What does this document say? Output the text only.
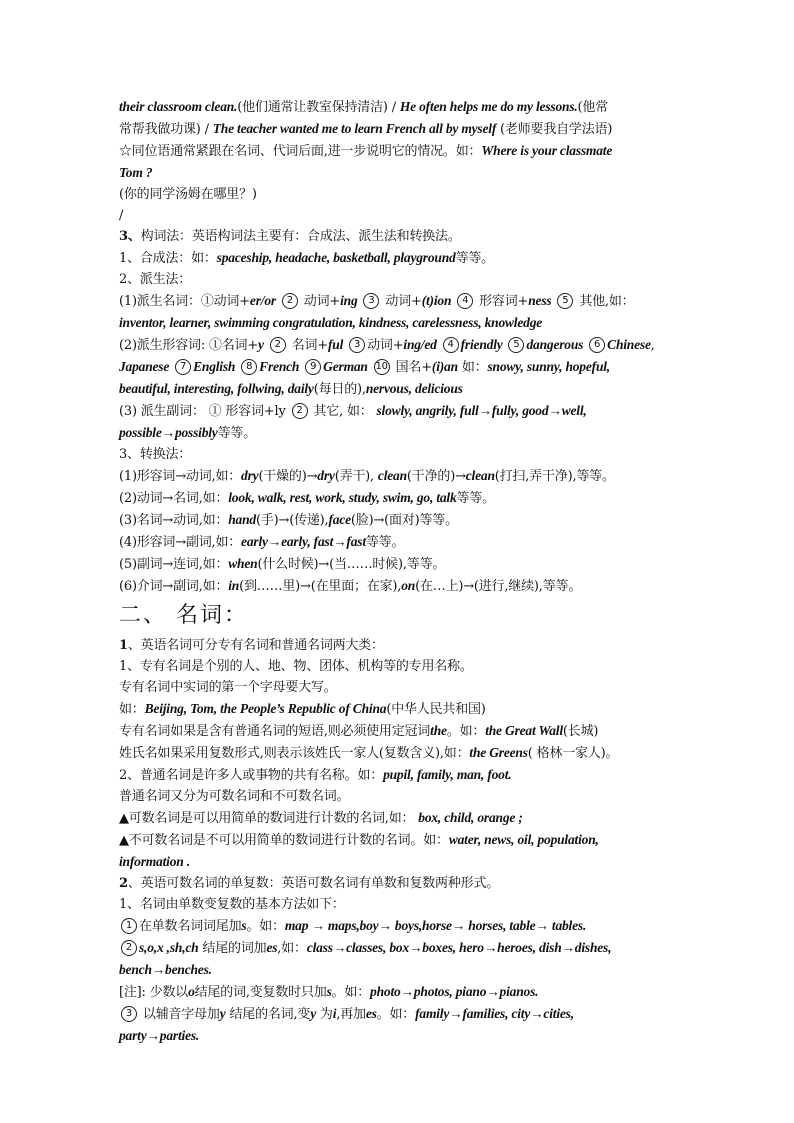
their classroom clean.(他们通常让教室保持清洁) / He often helps me do my lessons.(他常
常帮我做功课) / The teacher wanted me to learn French all by myself (老师要我自学法语)
☆同位语通常紧跟在名词、代词后面,进一步说明它的情况。如：Where is your classmate
Tom ?
(你的同学汤姆在哪里？)
/
3、构词法：英语构词法主要有：合成法、派生法和转换法。
1、合成法：如：spaceship, headache, basketball, playground等等。
2、派生法：
(1)派生名词：①动词+er/or 2 动词+ing 3 动词+(t)ion 4 形容词+ness 5 其他,如：
inventor, learner, swimming congratulation, kindness, carelessness, knowledge
(2)派生形容词: ①名词+y 2 名词+ful 3 动词+ing/ed 4 friendly 5 dangerous 6 Chinese,
Japanese 7 English 8 French 9 German 10 国名+(i)an 如：snowy, sunny, hopeful,
beautiful, interesting, follwing, daily(每日的),nervous, delicious
(3) 派生副词： ① 形容词+ly 2 其它, 如： slowly, angrily, full→fully, good→well,
possible→possibly等等。
3、转换法：
(1)形容词→动词,如：dry(干燥的)→dry(弄干), clean(干净的)→clean(打扫,弄干净),等等。
(2)动词→名词,如：look, walk, rest, work, study, swim, go, talk等等。
(3)名词→动词,如：hand(手)→(传递),face(脸)→(面对)等等。
(4)形容词→副词,如：early→early, fast→fast等等。
(5)副词→连词,如：when(什么时候)→(当……时候),等等。
(6)介词→副词,如：in(到……里)→(在里面；在家),on(在…上)→(进行,继续),等等。
二、 名词：
1、英语名词可分专有名词和普通名词两大类：
1、专有名词是个别的人、地、物、团体、机构等的专用名称。
专有名词中实词的第一个字母要大写。
如：Beijing, Tom, the People’s Republic of China(中华人民共和国)
专有名词如果是含有普通名词的短语,则必须使用定冠词the。如：the Great Wall(长城)
姓氏名如果采用复数形式,则表示该姓氏一家人(复数含义),如：the Greens( 格林一家人)。
2、普通名词是许多人或事物的共有名称。如：pupil, family, man, foot.
普通名词又分为可数名词和不可数名词。
▲可数名词是可以用简单的数词进行计数的名词,如： box, child, orange ;
▲不可数名词是不可以用简单的数词进行计数的名词。如：water, news, oil, population,
information .
2、英语可数名词的单复数：英语可数名词有单数和复数两种形式。
1、名词由单数变复数的基本方法如下：
1 在单数名词词尾加s。如：map → maps,boy→ boys,horse→ horses, table→ tables.
2 s,o,x ,sh,ch 结尾的词加es,如：class→classes, box→boxes, hero→heroes, dish→dishes,
bench→benches.
[注]: 少数以o结尾的词,变复数时只加s。如：photo→photos, piano→pianos.
3 以辅音字母加y 结尾的名词,变y 为i,再加es。如：family→families, city→cities,
party→parties.
